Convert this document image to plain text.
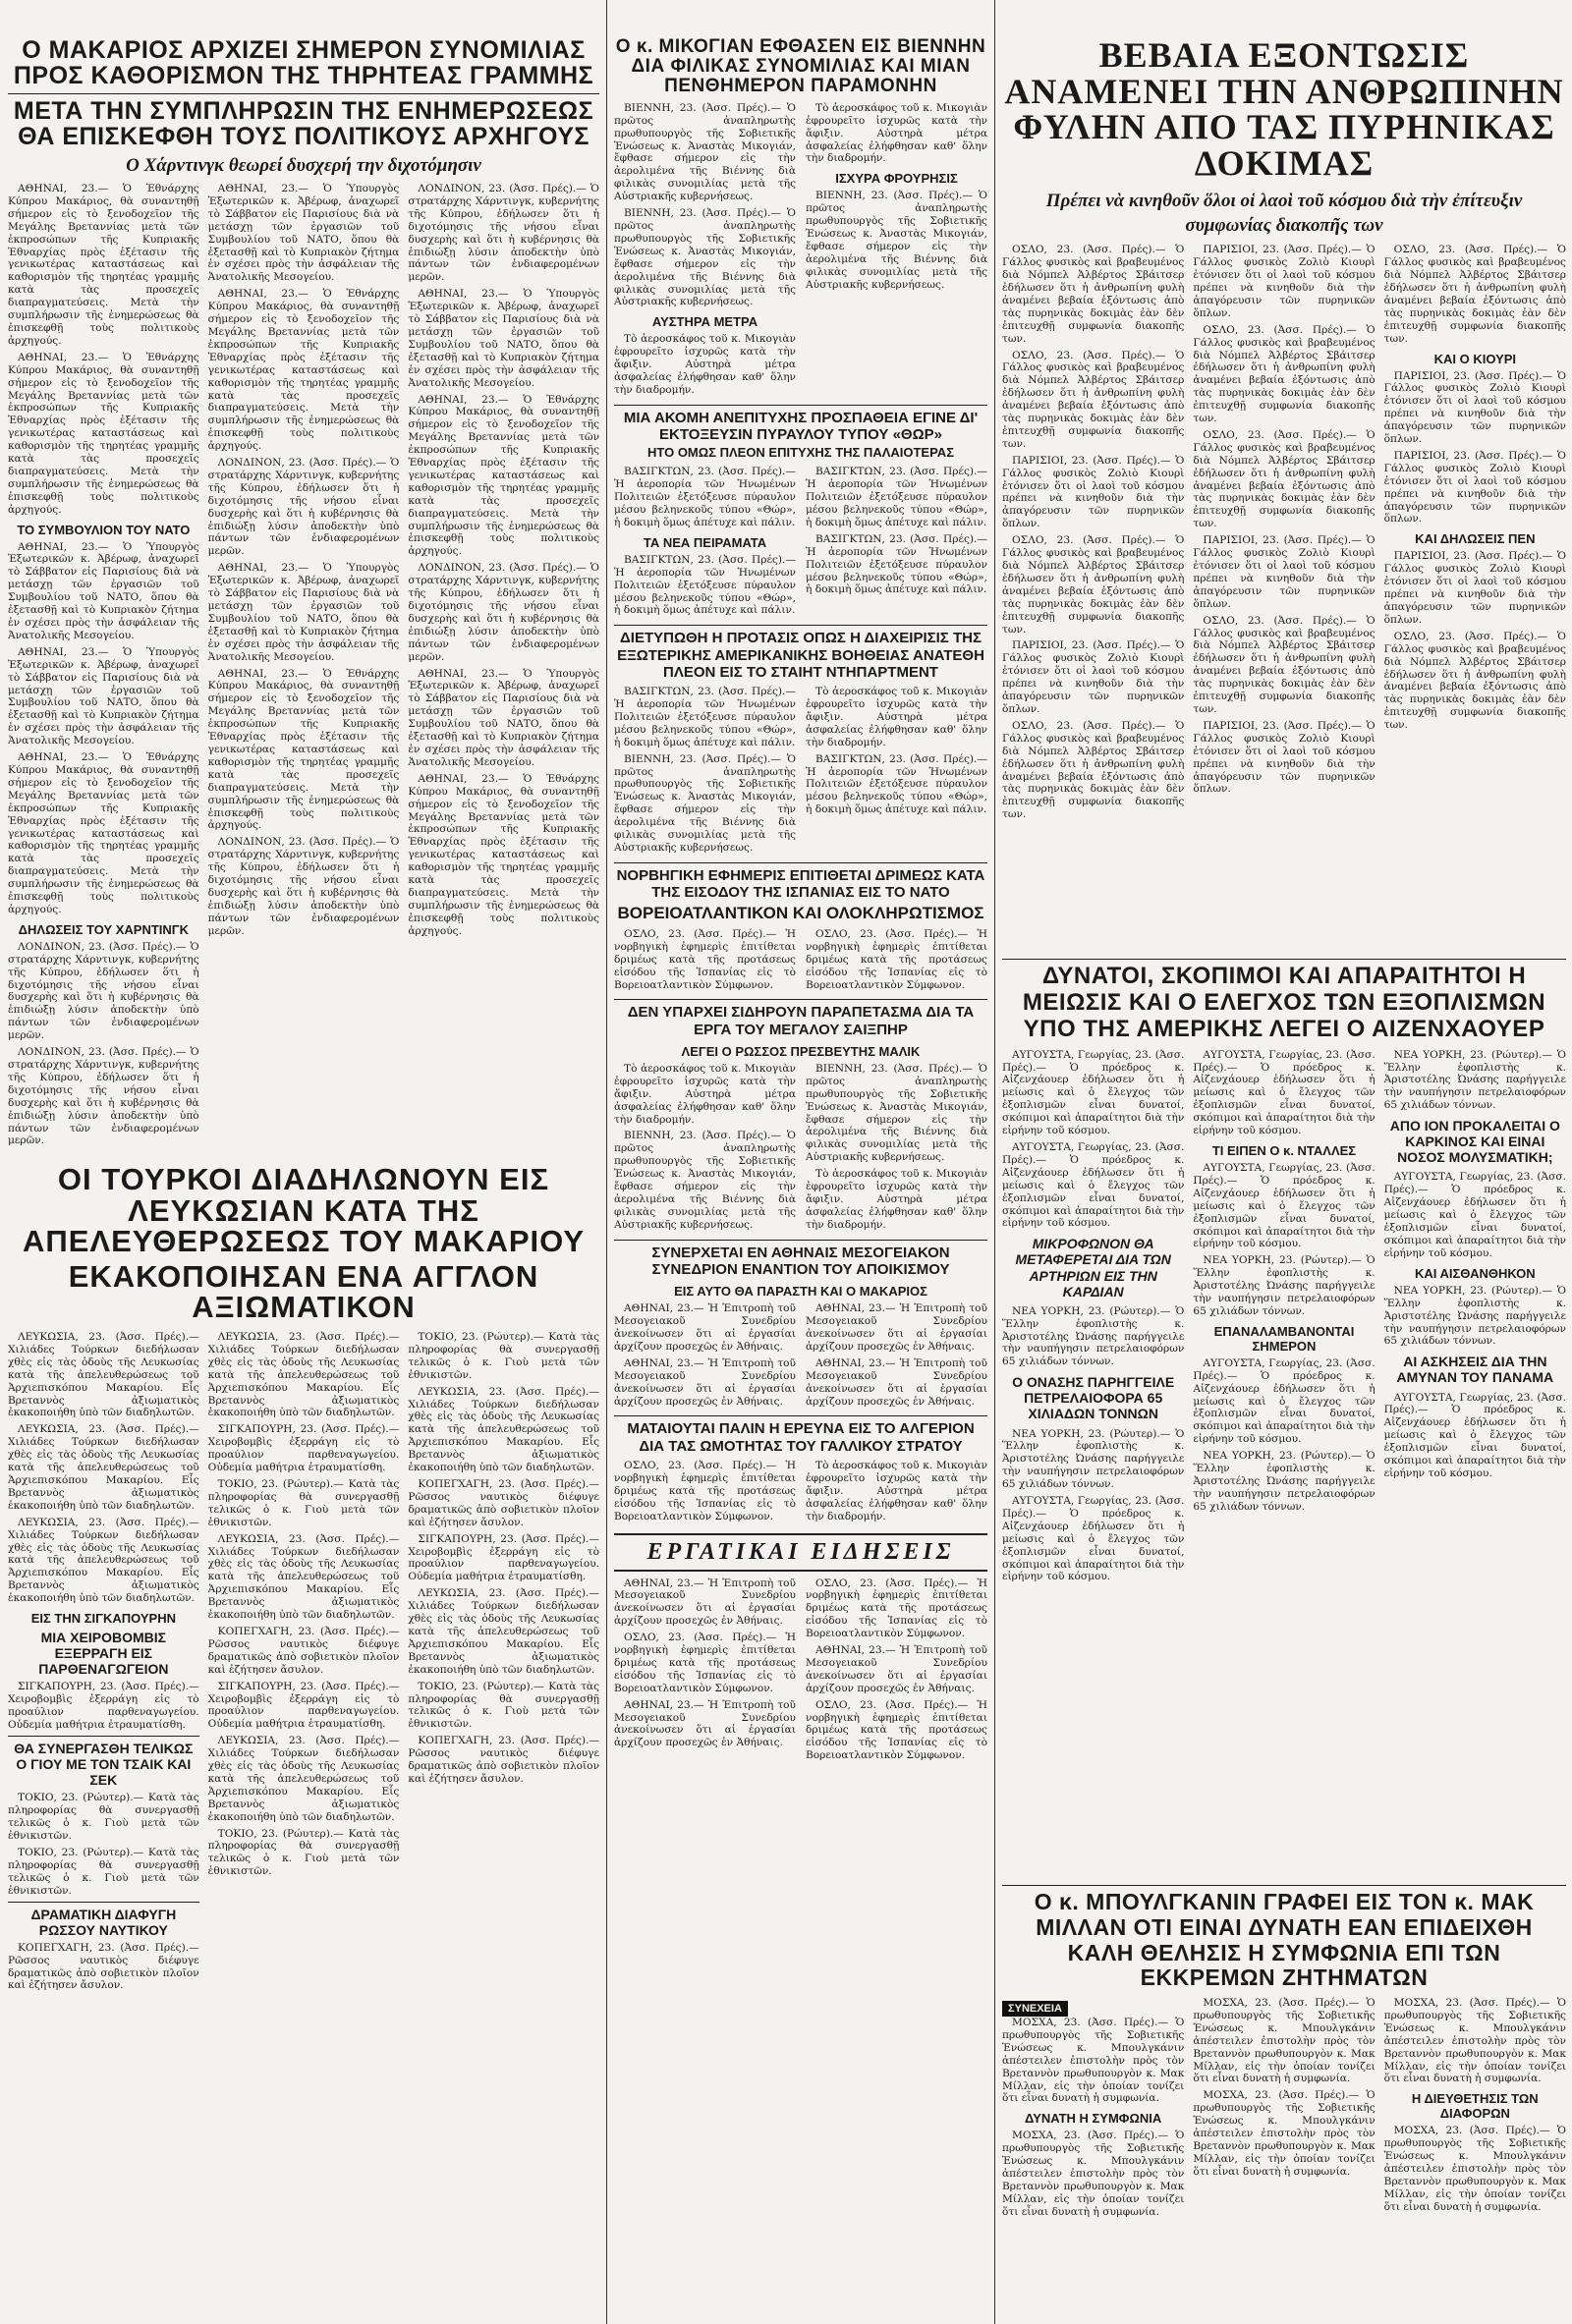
Ο ΜΑΚΑΡΙΟΣ ΑΡΧΙΖΕΙ ΣΗΜΕΡΟΝ ΣΥΝΟΜΙΛΙΑΣ ΠΡΟΣ ΚΑΘΟΡΙΣΜΟΝ ΤΗΣ ΤΗΡΗΤΕΑΣ ΓΡΑΜΜΗΣ
ΜΕΤΑ ΤΗΝ ΣΥΜΠΛΗΡΩΣΙΝ ΤΗΣ ΕΝΗΜΕΡΩΣΕΩΣ ΘΑ ΕΠΙΣΚΕΦΘΗ ΤΟΥΣ ΠΟΛΙΤΙΚΟΥΣ ΑΡΧΗΓΟΥΣ
Ο Χάρντινγκ θεωρεί δυσχερή την διχοτόμησιν

ΑΘΗΝΑΙ, 23.— Ὁ Ἐθνάρχης Κύπρου Μακάριος, θὰ συναντηθῇ σήμερον εἰς τὸ ξενοδοχεῖον τῆς Μεγάλης Βρεταννίας μετὰ τῶν ἐκπροσώπων τῆς Κυπριακῆς Ἐθναρχίας πρὸς ἐξέτασιν τῆς γενικωτέρας καταστάσεως καὶ καθορισμὸν τῆς τηρητέας γραμμῆς κατὰ τὰς προσεχεῖς διαπραγματεύσεις. Μετὰ τὴν συμπλήρωσιν τῆς ἐνημερώσεως θὰ ἐπισκεφθῇ τοὺς πολιτικοὺς ἀρχηγούς.

ΑΘΗΝΑΙ, 23.— Ὁ Ἐθνάρχης Κύπρου Μακάριος, θὰ συναντηθῇ σήμερον εἰς τὸ ξενοδοχεῖον τῆς Μεγάλης Βρεταννίας μετὰ τῶν ἐκπροσώπων τῆς Κυπριακῆς Ἐθναρχίας πρὸς ἐξέτασιν τῆς γενικωτέρας καταστάσεως καὶ καθορισμὸν τῆς τηρητέας γραμμῆς κατὰ τὰς προσεχεῖς διαπραγματεύσεις. Μετὰ τὴν συμπλήρωσιν τῆς ἐνημερώσεως θὰ ἐπισκεφθῇ τοὺς πολιτικοὺς ἀρχηγούς.

ΤΟ ΣΥΜΒΟΥΛΙΟΝ ΤΟΥ ΝΑΤΟ

ΑΘΗΝΑΙ, 23.— Ὁ Ὑπουργὸς Ἐξωτερικῶν κ. Ἀβέρωφ, ἀναχωρεῖ τὸ Σάββατον εἰς Παρισίους διὰ νὰ μετάσχῃ τῶν ἐργασιῶν τοῦ Συμβουλίου τοῦ ΝΑΤΟ, ὅπου θὰ ἐξετασθῇ καὶ τὸ Κυπριακὸν ζήτημα ἐν σχέσει πρὸς τὴν ἀσφάλειαν τῆς Ἀνατολικῆς Μεσογείου.

ΑΘΗΝΑΙ, 23.— Ὁ Ὑπουργὸς Ἐξωτερικῶν κ. Ἀβέρωφ, ἀναχωρεῖ τὸ Σάββατον εἰς Παρισίους διὰ νὰ μετάσχῃ τῶν ἐργασιῶν τοῦ Συμβουλίου τοῦ ΝΑΤΟ, ὅπου θὰ ἐξετασθῇ καὶ τὸ Κυπριακὸν ζήτημα ἐν σχέσει πρὸς τὴν ἀσφάλειαν τῆς Ἀνατολικῆς Μεσογείου.

ΑΘΗΝΑΙ, 23.— Ὁ Ἐθνάρχης Κύπρου Μακάριος, θὰ συναντηθῇ σήμερον εἰς τὸ ξενοδοχεῖον τῆς Μεγάλης Βρεταννίας μετὰ τῶν ἐκπροσώπων τῆς Κυπριακῆς Ἐθναρχίας πρὸς ἐξέτασιν τῆς γενικωτέρας καταστάσεως καὶ καθορισμὸν τῆς τηρητέας γραμμῆς κατὰ τὰς προσεχεῖς διαπραγματεύσεις. Μετὰ τὴν συμπλήρωσιν τῆς ἐνημερώσεως θὰ ἐπισκεφθῇ τοὺς πολιτικοὺς ἀρχηγούς.

ΔΗΛΩΣΕΙΣ ΤΟΥ ΧΑΡΝΤΙΝΓΚ

ΛΟΝΔΙΝΟΝ, 23. (Ἀσσ. Πρές).— Ὁ στρατάρχης Χάρντινγκ, κυβερνήτης τῆς Κύπρου, ἐδήλωσεν ὅτι ἡ διχοτόμησις τῆς νήσου εἶναι δυσχερὴς καὶ ὅτι ἡ κυβέρνησις θὰ ἐπιδιώξῃ λύσιν ἀποδεκτὴν ὑπὸ πάντων τῶν ἐνδιαφερομένων μερῶν.

ΛΟΝΔΙΝΟΝ, 23. (Ἀσσ. Πρές).— Ὁ στρατάρχης Χάρντινγκ, κυβερνήτης τῆς Κύπρου, ἐδήλωσεν ὅτι ἡ διχοτόμησις τῆς νήσου εἶναι δυσχερὴς καὶ ὅτι ἡ κυβέρνησις θὰ ἐπιδιώξῃ λύσιν ἀποδεκτὴν ὑπὸ πάντων τῶν ἐνδιαφερομένων μερῶν.

ΑΘΗΝΑΙ, 23.— Ὁ Ὑπουργὸς Ἐξωτερικῶν κ. Ἀβέρωφ, ἀναχωρεῖ τὸ Σάββατον εἰς Παρισίους διὰ νὰ μετάσχῃ τῶν ἐργασιῶν τοῦ Συμβουλίου τοῦ ΝΑΤΟ, ὅπου θὰ ἐξετασθῇ καὶ τὸ Κυπριακὸν ζήτημα ἐν σχέσει πρὸς τὴν ἀσφάλειαν τῆς Ἀνατολικῆς Μεσογείου.

ΑΘΗΝΑΙ, 23.— Ὁ Ἐθνάρχης Κύπρου Μακάριος, θὰ συναντηθῇ σήμερον εἰς τὸ ξενοδοχεῖον τῆς Μεγάλης Βρεταννίας μετὰ τῶν ἐκπροσώπων τῆς Κυπριακῆς Ἐθναρχίας πρὸς ἐξέτασιν τῆς γενικωτέρας καταστάσεως καὶ καθορισμὸν τῆς τηρητέας γραμμῆς κατὰ τὰς προσεχεῖς διαπραγματεύσεις. Μετὰ τὴν συμπλήρωσιν τῆς ἐνημερώσεως θὰ ἐπισκεφθῇ τοὺς πολιτικοὺς ἀρχηγούς.

ΛΟΝΔΙΝΟΝ, 23. (Ἀσσ. Πρές).— Ὁ στρατάρχης Χάρντινγκ, κυβερνήτης τῆς Κύπρου, ἐδήλωσεν ὅτι ἡ διχοτόμησις τῆς νήσου εἶναι δυσχερὴς καὶ ὅτι ἡ κυβέρνησις θὰ ἐπιδιώξῃ λύσιν ἀποδεκτὴν ὑπὸ πάντων τῶν ἐνδιαφερομένων μερῶν.

ΑΘΗΝΑΙ, 23.— Ὁ Ὑπουργὸς Ἐξωτερικῶν κ. Ἀβέρωφ, ἀναχωρεῖ τὸ Σάββατον εἰς Παρισίους διὰ νὰ μετάσχῃ τῶν ἐργασιῶν τοῦ Συμβουλίου τοῦ ΝΑΤΟ, ὅπου θὰ ἐξετασθῇ καὶ τὸ Κυπριακὸν ζήτημα ἐν σχέσει πρὸς τὴν ἀσφάλειαν τῆς Ἀνατολικῆς Μεσογείου.

ΑΘΗΝΑΙ, 23.— Ὁ Ἐθνάρχης Κύπρου Μακάριος, θὰ συναντηθῇ σήμερον εἰς τὸ ξενοδοχεῖον τῆς Μεγάλης Βρεταννίας μετὰ τῶν ἐκπροσώπων τῆς Κυπριακῆς Ἐθναρχίας πρὸς ἐξέτασιν τῆς γενικωτέρας καταστάσεως καὶ καθορισμὸν τῆς τηρητέας γραμμῆς κατὰ τὰς προσεχεῖς διαπραγματεύσεις. Μετὰ τὴν συμπλήρωσιν τῆς ἐνημερώσεως θὰ ἐπισκεφθῇ τοὺς πολιτικοὺς ἀρχηγούς.

ΛΟΝΔΙΝΟΝ, 23. (Ἀσσ. Πρές).— Ὁ στρατάρχης Χάρντινγκ, κυβερνήτης τῆς Κύπρου, ἐδήλωσεν ὅτι ἡ διχοτόμησις τῆς νήσου εἶναι δυσχερὴς καὶ ὅτι ἡ κυβέρνησις θὰ ἐπιδιώξῃ λύσιν ἀποδεκτὴν ὑπὸ πάντων τῶν ἐνδιαφερομένων μερῶν.

ΛΟΝΔΙΝΟΝ, 23. (Ἀσσ. Πρές).— Ὁ στρατάρχης Χάρντινγκ, κυβερνήτης τῆς Κύπρου, ἐδήλωσεν ὅτι ἡ διχοτόμησις τῆς νήσου εἶναι δυσχερὴς καὶ ὅτι ἡ κυβέρνησις θὰ ἐπιδιώξῃ λύσιν ἀποδεκτὴν ὑπὸ πάντων τῶν ἐνδιαφερομένων μερῶν.

ΑΘΗΝΑΙ, 23.— Ὁ Ὑπουργὸς Ἐξωτερικῶν κ. Ἀβέρωφ, ἀναχωρεῖ τὸ Σάββατον εἰς Παρισίους διὰ νὰ μετάσχῃ τῶν ἐργασιῶν τοῦ Συμβουλίου τοῦ ΝΑΤΟ, ὅπου θὰ ἐξετασθῇ καὶ τὸ Κυπριακὸν ζήτημα ἐν σχέσει πρὸς τὴν ἀσφάλειαν τῆς Ἀνατολικῆς Μεσογείου.

ΑΘΗΝΑΙ, 23.— Ὁ Ἐθνάρχης Κύπρου Μακάριος, θὰ συναντηθῇ σήμερον εἰς τὸ ξενοδοχεῖον τῆς Μεγάλης Βρεταννίας μετὰ τῶν ἐκπροσώπων τῆς Κυπριακῆς Ἐθναρχίας πρὸς ἐξέτασιν τῆς γενικωτέρας καταστάσεως καὶ καθορισμὸν τῆς τηρητέας γραμμῆς κατὰ τὰς προσεχεῖς διαπραγματεύσεις. Μετὰ τὴν συμπλήρωσιν τῆς ἐνημερώσεως θὰ ἐπισκεφθῇ τοὺς πολιτικοὺς ἀρχηγούς.

ΛΟΝΔΙΝΟΝ, 23. (Ἀσσ. Πρές).— Ὁ στρατάρχης Χάρντινγκ, κυβερνήτης τῆς Κύπρου, ἐδήλωσεν ὅτι ἡ διχοτόμησις τῆς νήσου εἶναι δυσχερὴς καὶ ὅτι ἡ κυβέρνησις θὰ ἐπιδιώξῃ λύσιν ἀποδεκτὴν ὑπὸ πάντων τῶν ἐνδιαφερομένων μερῶν.

ΑΘΗΝΑΙ, 23.— Ὁ Ὑπουργὸς Ἐξωτερικῶν κ. Ἀβέρωφ, ἀναχωρεῖ τὸ Σάββατον εἰς Παρισίους διὰ νὰ μετάσχῃ τῶν ἐργασιῶν τοῦ Συμβουλίου τοῦ ΝΑΤΟ, ὅπου θὰ ἐξετασθῇ καὶ τὸ Κυπριακὸν ζήτημα ἐν σχέσει πρὸς τὴν ἀσφάλειαν τῆς Ἀνατολικῆς Μεσογείου.

ΑΘΗΝΑΙ, 23.— Ὁ Ἐθνάρχης Κύπρου Μακάριος, θὰ συναντηθῇ σήμερον εἰς τὸ ξενοδοχεῖον τῆς Μεγάλης Βρεταννίας μετὰ τῶν ἐκπροσώπων τῆς Κυπριακῆς Ἐθναρχίας πρὸς ἐξέτασιν τῆς γενικωτέρας καταστάσεως καὶ καθορισμὸν τῆς τηρητέας γραμμῆς κατὰ τὰς προσεχεῖς διαπραγματεύσεις. Μετὰ τὴν συμπλήρωσιν τῆς ἐνημερώσεως θὰ ἐπισκεφθῇ τοὺς πολιτικοὺς ἀρχηγούς.

ΟΙ ΤΟΥΡΚΟΙ ΔΙΑΔΗΛΩΝΟΥΝ ΕΙΣ ΛΕΥΚΩΣΙΑΝ ΚΑΤΑ ΤΗΣ ΑΠΕΛΕΥΘΕΡΩΣΕΩΣ ΤΟΥ ΜΑΚΑΡΙΟΥ
ΕΚΑΚΟΠΟΙΗΣΑΝ ΕΝΑ ΑΓΓΛΟΝ ΑΞΙΩΜΑΤΙΚΟΝ

ΛΕΥΚΩΣΙΑ, 23. (Ἀσσ. Πρές).— Χιλιάδες Τούρκων διεδήλωσαν χθὲς εἰς τὰς ὁδοὺς τῆς Λευκωσίας κατὰ τῆς ἀπελευθερώσεως τοῦ Ἀρχιεπισκόπου Μακαρίου. Εἷς Βρεταννὸς ἀξιωματικὸς ἐκακοποιήθη ὑπὸ τῶν διαδηλωτῶν.

ΛΕΥΚΩΣΙΑ, 23. (Ἀσσ. Πρές).— Χιλιάδες Τούρκων διεδήλωσαν χθὲς εἰς τὰς ὁδοὺς τῆς Λευκωσίας κατὰ τῆς ἀπελευθερώσεως τοῦ Ἀρχιεπισκόπου Μακαρίου. Εἷς Βρεταννὸς ἀξιωματικὸς ἐκακοποιήθη ὑπὸ τῶν διαδηλωτῶν.

ΛΕΥΚΩΣΙΑ, 23. (Ἀσσ. Πρές).— Χιλιάδες Τούρκων διεδήλωσαν χθὲς εἰς τὰς ὁδοὺς τῆς Λευκωσίας κατὰ τῆς ἀπελευθερώσεως τοῦ Ἀρχιεπισκόπου Μακαρίου. Εἷς Βρεταννὸς ἀξιωματικὸς ἐκακοποιήθη ὑπὸ τῶν διαδηλωτῶν.

ΕΙΣ ΤΗΝ ΣΙΓΚΑΠΟΥΡΗΝ
ΜΙΑ ΧΕΙΡΟΒΟΜΒΙΣ ΕΞΕΡΡΑΓΗ ΕΙΣ ΠΑΡΘΕΝΑΓΩΓΕΙΟΝ

ΣΙΓΚΑΠΟΥΡΗ, 23. (Ἀσσ. Πρές).— Χειροβομβὶς ἐξερράγη εἰς τὸ προαύλιον παρθεναγωγείου. Οὐδεμία μαθήτρια ἐτραυματίσθη.

ΘΑ ΣΥΝΕΡΓΑΣΘΗ ΤΕΛΙΚΩΣ Ο ΓΙΟΥ ΜΕ ΤΟΝ ΤΣΑΙΚ ΚΑΙ ΣΕΚ

ΤΟΚΙΟ, 23. (Ρώυτερ).— Κατὰ τὰς πληροφορίας θὰ συνεργασθῇ τελικῶς ὁ κ. Γιοὺ μετὰ τῶν ἐθνικιστῶν.

ΤΟΚΙΟ, 23. (Ρώυτερ).— Κατὰ τὰς πληροφορίας θὰ συνεργασθῇ τελικῶς ὁ κ. Γιοὺ μετὰ τῶν ἐθνικιστῶν.

ΔΡΑΜΑΤΙΚΗ ΔΙΑΦΥΓΗ ΡΩΣΣΟΥ ΝΑΥΤΙΚΟΥ

ΚΟΠΕΓΧΑΓΗ, 23. (Ἀσσ. Πρές).— Ρῶσσος ναυτικὸς διέφυγε δραματικῶς ἀπὸ σοβιετικὸν πλοῖον καὶ ἐζήτησεν ἄσυλον.

ΛΕΥΚΩΣΙΑ, 23. (Ἀσσ. Πρές).— Χιλιάδες Τούρκων διεδήλωσαν χθὲς εἰς τὰς ὁδοὺς τῆς Λευκωσίας κατὰ τῆς ἀπελευθερώσεως τοῦ Ἀρχιεπισκόπου Μακαρίου. Εἷς Βρεταννὸς ἀξιωματικὸς ἐκακοποιήθη ὑπὸ τῶν διαδηλωτῶν.

ΣΙΓΚΑΠΟΥΡΗ, 23. (Ἀσσ. Πρές).— Χειροβομβὶς ἐξερράγη εἰς τὸ προαύλιον παρθεναγωγείου. Οὐδεμία μαθήτρια ἐτραυματίσθη.

ΤΟΚΙΟ, 23. (Ρώυτερ).— Κατὰ τὰς πληροφορίας θὰ συνεργασθῇ τελικῶς ὁ κ. Γιοὺ μετὰ τῶν ἐθνικιστῶν.

ΛΕΥΚΩΣΙΑ, 23. (Ἀσσ. Πρές).— Χιλιάδες Τούρκων διεδήλωσαν χθὲς εἰς τὰς ὁδοὺς τῆς Λευκωσίας κατὰ τῆς ἀπελευθερώσεως τοῦ Ἀρχιεπισκόπου Μακαρίου. Εἷς Βρεταννὸς ἀξιωματικὸς ἐκακοποιήθη ὑπὸ τῶν διαδηλωτῶν.

ΚΟΠΕΓΧΑΓΗ, 23. (Ἀσσ. Πρές).— Ρῶσσος ναυτικὸς διέφυγε δραματικῶς ἀπὸ σοβιετικὸν πλοῖον καὶ ἐζήτησεν ἄσυλον.

ΣΙΓΚΑΠΟΥΡΗ, 23. (Ἀσσ. Πρές).— Χειροβομβὶς ἐξερράγη εἰς τὸ προαύλιον παρθεναγωγείου. Οὐδεμία μαθήτρια ἐτραυματίσθη.

ΛΕΥΚΩΣΙΑ, 23. (Ἀσσ. Πρές).— Χιλιάδες Τούρκων διεδήλωσαν χθὲς εἰς τὰς ὁδοὺς τῆς Λευκωσίας κατὰ τῆς ἀπελευθερώσεως τοῦ Ἀρχιεπισκόπου Μακαρίου. Εἷς Βρεταννὸς ἀξιωματικὸς ἐκακοποιήθη ὑπὸ τῶν διαδηλωτῶν.

ΤΟΚΙΟ, 23. (Ρώυτερ).— Κατὰ τὰς πληροφορίας θὰ συνεργασθῇ τελικῶς ὁ κ. Γιοὺ μετὰ τῶν ἐθνικιστῶν.

ΤΟΚΙΟ, 23. (Ρώυτερ).— Κατὰ τὰς πληροφορίας θὰ συνεργασθῇ τελικῶς ὁ κ. Γιοὺ μετὰ τῶν ἐθνικιστῶν.

ΛΕΥΚΩΣΙΑ, 23. (Ἀσσ. Πρές).— Χιλιάδες Τούρκων διεδήλωσαν χθὲς εἰς τὰς ὁδοὺς τῆς Λευκωσίας κατὰ τῆς ἀπελευθερώσεως τοῦ Ἀρχιεπισκόπου Μακαρίου. Εἷς Βρεταννὸς ἀξιωματικὸς ἐκακοποιήθη ὑπὸ τῶν διαδηλωτῶν.

ΚΟΠΕΓΧΑΓΗ, 23. (Ἀσσ. Πρές).— Ρῶσσος ναυτικὸς διέφυγε δραματικῶς ἀπὸ σοβιετικὸν πλοῖον καὶ ἐζήτησεν ἄσυλον.

ΣΙΓΚΑΠΟΥΡΗ, 23. (Ἀσσ. Πρές).— Χειροβομβὶς ἐξερράγη εἰς τὸ προαύλιον παρθεναγωγείου. Οὐδεμία μαθήτρια ἐτραυματίσθη.

ΛΕΥΚΩΣΙΑ, 23. (Ἀσσ. Πρές).— Χιλιάδες Τούρκων διεδήλωσαν χθὲς εἰς τὰς ὁδοὺς τῆς Λευκωσίας κατὰ τῆς ἀπελευθερώσεως τοῦ Ἀρχιεπισκόπου Μακαρίου. Εἷς Βρεταννὸς ἀξιωματικὸς ἐκακοποιήθη ὑπὸ τῶν διαδηλωτῶν.

ΤΟΚΙΟ, 23. (Ρώυτερ).— Κατὰ τὰς πληροφορίας θὰ συνεργασθῇ τελικῶς ὁ κ. Γιοὺ μετὰ τῶν ἐθνικιστῶν.

ΚΟΠΕΓΧΑΓΗ, 23. (Ἀσσ. Πρές).— Ρῶσσος ναυτικὸς διέφυγε δραματικῶς ἀπὸ σοβιετικὸν πλοῖον καὶ ἐζήτησεν ἄσυλον.

Ο κ. ΜΙΚΟΓΙΑΝ ΕΦΘΑΣΕΝ ΕΙΣ ΒΙΕΝΝΗΝ ΔΙΑ ΦΙΛΙΚΑΣ ΣΥΝΟΜΙΛΙΑΣ ΚΑΙ ΜΙΑΝ ΠΕΝΘΗΜΕΡΟΝ ΠΑΡΑΜΟΝΗΝ

ΒΙΕΝΝΗ, 23. (Ἀσσ. Πρές).— Ὁ πρῶτος ἀναπληρωτὴς πρωθυπουργὸς τῆς Σοβιετικῆς Ἑνώσεως κ. Ἀναστὰς Μικογιάν, ἔφθασε σήμερον εἰς τὴν ἀερολιμένα τῆς Βιέννης διὰ φιλικὰς συνομιλίας μετὰ τῆς Αὐστριακῆς κυβερνήσεως.

ΒΙΕΝΝΗ, 23. (Ἀσσ. Πρές).— Ὁ πρῶτος ἀναπληρωτὴς πρωθυπουργὸς τῆς Σοβιετικῆς Ἑνώσεως κ. Ἀναστὰς Μικογιάν, ἔφθασε σήμερον εἰς τὴν ἀερολιμένα τῆς Βιέννης διὰ φιλικὰς συνομιλίας μετὰ τῆς Αὐστριακῆς κυβερνήσεως.

ΑΥΣΤΗΡΑ ΜΕΤΡΑ

Τὸ ἀεροσκάφος τοῦ κ. Μικογιὰν ἐφρουρεῖτο ἰσχυρῶς κατὰ τὴν ἄφιξιν. Αὐστηρὰ μέτρα ἀσφαλείας ἐλήφθησαν καθ' ὅλην τὴν διαδρομήν.

Τὸ ἀεροσκάφος τοῦ κ. Μικογιὰν ἐφρουρεῖτο ἰσχυρῶς κατὰ τὴν ἄφιξιν. Αὐστηρὰ μέτρα ἀσφαλείας ἐλήφθησαν καθ' ὅλην τὴν διαδρομήν.

ΙΣΧΥΡΑ ΦΡΟΥΡΗΣΙΣ

ΒΙΕΝΝΗ, 23. (Ἀσσ. Πρές).— Ὁ πρῶτος ἀναπληρωτὴς πρωθυπουργὸς τῆς Σοβιετικῆς Ἑνώσεως κ. Ἀναστὰς Μικογιάν, ἔφθασε σήμερον εἰς τὴν ἀερολιμένα τῆς Βιέννης διὰ φιλικὰς συνομιλίας μετὰ τῆς Αὐστριακῆς κυβερνήσεως.

ΜΙΑ ΑΚΟΜΗ ΑΝΕΠΙΤΥΧΗΣ ΠΡΟΣΠΑΘΕΙΑ ΕΓΙΝΕ ΔΙ' ΕΚΤΟΞΕΥΣΙΝ ΠΥΡΑΥΛΟΥ ΤΥΠΟΥ «ΘΩΡ»
ΗΤΟ ΟΜΩΣ ΠΛΕΟΝ ΕΠΙΤΥΧΗΣ ΤΗΣ ΠΑΛΑΙΟΤΕΡΑΣ

ΒΑΣΙΓΚΤΩΝ, 23. (Ἀσσ. Πρές).— Ἡ ἀεροπορία τῶν Ἡνωμένων Πολιτειῶν ἐξετόξευσε πύραυλον μέσου βεληνεκοῦς τύπου «Θώρ», ἡ δοκιμὴ ὅμως ἀπέτυχε καὶ πάλιν.

ΤΑ ΝΕΑ ΠΕΙΡΑΜΑΤΑ

ΒΑΣΙΓΚΤΩΝ, 23. (Ἀσσ. Πρές).— Ἡ ἀεροπορία τῶν Ἡνωμένων Πολιτειῶν ἐξετόξευσε πύραυλον μέσου βεληνεκοῦς τύπου «Θώρ», ἡ δοκιμὴ ὅμως ἀπέτυχε καὶ πάλιν.

ΒΑΣΙΓΚΤΩΝ, 23. (Ἀσσ. Πρές).— Ἡ ἀεροπορία τῶν Ἡνωμένων Πολιτειῶν ἐξετόξευσε πύραυλον μέσου βεληνεκοῦς τύπου «Θώρ», ἡ δοκιμὴ ὅμως ἀπέτυχε καὶ πάλιν.

ΒΑΣΙΓΚΤΩΝ, 23. (Ἀσσ. Πρές).— Ἡ ἀεροπορία τῶν Ἡνωμένων Πολιτειῶν ἐξετόξευσε πύραυλον μέσου βεληνεκοῦς τύπου «Θώρ», ἡ δοκιμὴ ὅμως ἀπέτυχε καὶ πάλιν.

ΔΙΕΤΥΠΩΘΗ Η ΠΡΟΤΑΣΙΣ ΟΠΩΣ Η ΔΙΑΧΕΙΡΙΣΙΣ ΤΗΣ ΕΞΩΤΕΡΙΚΗΣ ΑΜΕΡΙΚΑΝΙΚΗΣ ΒΟΗΘΕΙΑΣ ΑΝΑΤΕΘΗ ΠΛΕΟΝ ΕΙΣ ΤΟ ΣΤΑΙΗΤ ΝΤΗΠΑΡΤΜΕΝΤ

ΒΑΣΙΓΚΤΩΝ, 23. (Ἀσσ. Πρές).— Ἡ ἀεροπορία τῶν Ἡνωμένων Πολιτειῶν ἐξετόξευσε πύραυλον μέσου βεληνεκοῦς τύπου «Θώρ», ἡ δοκιμὴ ὅμως ἀπέτυχε καὶ πάλιν.

ΒΙΕΝΝΗ, 23. (Ἀσσ. Πρές).— Ὁ πρῶτος ἀναπληρωτὴς πρωθυπουργὸς τῆς Σοβιετικῆς Ἑνώσεως κ. Ἀναστὰς Μικογιάν, ἔφθασε σήμερον εἰς τὴν ἀερολιμένα τῆς Βιέννης διὰ φιλικὰς συνομιλίας μετὰ τῆς Αὐστριακῆς κυβερνήσεως.

Τὸ ἀεροσκάφος τοῦ κ. Μικογιὰν ἐφρουρεῖτο ἰσχυρῶς κατὰ τὴν ἄφιξιν. Αὐστηρὰ μέτρα ἀσφαλείας ἐλήφθησαν καθ' ὅλην τὴν διαδρομήν.

ΒΑΣΙΓΚΤΩΝ, 23. (Ἀσσ. Πρές).— Ἡ ἀεροπορία τῶν Ἡνωμένων Πολιτειῶν ἐξετόξευσε πύραυλον μέσου βεληνεκοῦς τύπου «Θώρ», ἡ δοκιμὴ ὅμως ἀπέτυχε καὶ πάλιν.

ΝΟΡΒΗΓΙΚΗ ΕΦΗΜΕΡΙΣ ΕΠΙΤΙΘΕΤΑΙ ΔΡΙΜΕΩΣ ΚΑΤΑ ΤΗΣ ΕΙΣΟΔΟΥ ΤΗΣ ΙΣΠΑΝΙΑΣ ΕΙΣ ΤΟ ΝΑΤΟ
ΒΟΡΕΙΟΑΤΛΑΝΤΙΚΟΝ ΚΑΙ ΟΛΟΚΛΗΡΩΤΙΣΜΟΣ

ΟΣΛΟ, 23. (Ἀσσ. Πρές).— Ἡ νορβηγικὴ ἐφημερὶς ἐπιτίθεται δριμέως κατὰ τῆς προτάσεως εἰσόδου τῆς Ἱσπανίας εἰς τὸ Βορειοατλαντικὸν Σύμφωνον.

ΟΣΛΟ, 23. (Ἀσσ. Πρές).— Ἡ νορβηγικὴ ἐφημερὶς ἐπιτίθεται δριμέως κατὰ τῆς προτάσεως εἰσόδου τῆς Ἱσπανίας εἰς τὸ Βορειοατλαντικὸν Σύμφωνον.

ΔΕΝ ΥΠΑΡΧΕΙ ΣΙΔΗΡΟΥΝ ΠΑΡΑΠΕΤΑΣΜΑ ΔΙΑ ΤΑ ΕΡΓΑ ΤΟΥ ΜΕΓΑΛΟΥ ΣΑΙΞΠΗΡ
ΛΕΓΕΙ Ο ΡΩΣΣΟΣ ΠΡΕΣΒΕΥΤΗΣ ΜΑΛΙΚ

Τὸ ἀεροσκάφος τοῦ κ. Μικογιὰν ἐφρουρεῖτο ἰσχυρῶς κατὰ τὴν ἄφιξιν. Αὐστηρὰ μέτρα ἀσφαλείας ἐλήφθησαν καθ' ὅλην τὴν διαδρομήν.

ΒΙΕΝΝΗ, 23. (Ἀσσ. Πρές).— Ὁ πρῶτος ἀναπληρωτὴς πρωθυπουργὸς τῆς Σοβιετικῆς Ἑνώσεως κ. Ἀναστὰς Μικογιάν, ἔφθασε σήμερον εἰς τὴν ἀερολιμένα τῆς Βιέννης διὰ φιλικὰς συνομιλίας μετὰ τῆς Αὐστριακῆς κυβερνήσεως.

ΒΙΕΝΝΗ, 23. (Ἀσσ. Πρές).— Ὁ πρῶτος ἀναπληρωτὴς πρωθυπουργὸς τῆς Σοβιετικῆς Ἑνώσεως κ. Ἀναστὰς Μικογιάν, ἔφθασε σήμερον εἰς τὴν ἀερολιμένα τῆς Βιέννης διὰ φιλικὰς συνομιλίας μετὰ τῆς Αὐστριακῆς κυβερνήσεως.

Τὸ ἀεροσκάφος τοῦ κ. Μικογιὰν ἐφρουρεῖτο ἰσχυρῶς κατὰ τὴν ἄφιξιν. Αὐστηρὰ μέτρα ἀσφαλείας ἐλήφθησαν καθ' ὅλην τὴν διαδρομήν.

ΣΥΝΕΡΧΕΤΑΙ ΕΝ ΑΘΗΝΑΙΣ ΜΕΣΟΓΕΙΑΚΟΝ ΣΥΝΕΔΡΙΟΝ ΕΝΑΝΤΙΟΝ ΤΟΥ ΑΠΟΙΚΙΣΜΟΥ
ΕΙΣ ΑΥΤΟ ΘΑ ΠΑΡΑΣΤΗ ΚΑΙ Ο ΜΑΚΑΡΙΟΣ

ΑΘΗΝΑΙ, 23.— Ἡ Ἐπιτροπὴ τοῦ Μεσογειακοῦ Συνεδρίου ἀνεκοίνωσεν ὅτι αἱ ἐργασίαι ἀρχίζουν προσεχῶς ἐν Ἀθήναις.

ΑΘΗΝΑΙ, 23.— Ἡ Ἐπιτροπὴ τοῦ Μεσογειακοῦ Συνεδρίου ἀνεκοίνωσεν ὅτι αἱ ἐργασίαι ἀρχίζουν προσεχῶς ἐν Ἀθήναις.

ΑΘΗΝΑΙ, 23.— Ἡ Ἐπιτροπὴ τοῦ Μεσογειακοῦ Συνεδρίου ἀνεκοίνωσεν ὅτι αἱ ἐργασίαι ἀρχίζουν προσεχῶς ἐν Ἀθήναις.

ΑΘΗΝΑΙ, 23.— Ἡ Ἐπιτροπὴ τοῦ Μεσογειακοῦ Συνεδρίου ἀνεκοίνωσεν ὅτι αἱ ἐργασίαι ἀρχίζουν προσεχῶς ἐν Ἀθήναις.

ΜΑΤΑΙΟΥΤΑΙ ΠΑΛΙΝ Η ΕΡΕΥΝΑ ΕΙΣ ΤΟ ΑΛΓΕΡΙΟΝ ΔΙΑ ΤΑΣ ΩΜΟΤΗΤΑΣ ΤΟΥ ΓΑΛΛΙΚΟΥ ΣΤΡΑΤΟΥ

ΟΣΛΟ, 23. (Ἀσσ. Πρές).— Ἡ νορβηγικὴ ἐφημερὶς ἐπιτίθεται δριμέως κατὰ τῆς προτάσεως εἰσόδου τῆς Ἱσπανίας εἰς τὸ Βορειοατλαντικὸν Σύμφωνον.

Τὸ ἀεροσκάφος τοῦ κ. Μικογιὰν ἐφρουρεῖτο ἰσχυρῶς κατὰ τὴν ἄφιξιν. Αὐστηρὰ μέτρα ἀσφαλείας ἐλήφθησαν καθ' ὅλην τὴν διαδρομήν.

ΕΡΓΑΤΙΚΑΙ ΕΙΔΗΣΕΙΣ

ΑΘΗΝΑΙ, 23.— Ἡ Ἐπιτροπὴ τοῦ Μεσογειακοῦ Συνεδρίου ἀνεκοίνωσεν ὅτι αἱ ἐργασίαι ἀρχίζουν προσεχῶς ἐν Ἀθήναις.

ΟΣΛΟ, 23. (Ἀσσ. Πρές).— Ἡ νορβηγικὴ ἐφημερὶς ἐπιτίθεται δριμέως κατὰ τῆς προτάσεως εἰσόδου τῆς Ἱσπανίας εἰς τὸ Βορειοατλαντικὸν Σύμφωνον.

ΑΘΗΝΑΙ, 23.— Ἡ Ἐπιτροπὴ τοῦ Μεσογειακοῦ Συνεδρίου ἀνεκοίνωσεν ὅτι αἱ ἐργασίαι ἀρχίζουν προσεχῶς ἐν Ἀθήναις.

ΟΣΛΟ, 23. (Ἀσσ. Πρές).— Ἡ νορβηγικὴ ἐφημερὶς ἐπιτίθεται δριμέως κατὰ τῆς προτάσεως εἰσόδου τῆς Ἱσπανίας εἰς τὸ Βορειοατλαντικὸν Σύμφωνον.

ΑΘΗΝΑΙ, 23.— Ἡ Ἐπιτροπὴ τοῦ Μεσογειακοῦ Συνεδρίου ἀνεκοίνωσεν ὅτι αἱ ἐργασίαι ἀρχίζουν προσεχῶς ἐν Ἀθήναις.

ΟΣΛΟ, 23. (Ἀσσ. Πρές).— Ἡ νορβηγικὴ ἐφημερὶς ἐπιτίθεται δριμέως κατὰ τῆς προτάσεως εἰσόδου τῆς Ἱσπανίας εἰς τὸ Βορειοατλαντικὸν Σύμφωνον.

ΒΕΒΑΙΑ ΕΞΟΝΤΩΣΙΣ ΑΝΑΜΕΝΕΙ ΤΗΝ ΑΝΘΡΩΠΙΝΗΝ ΦΥΛΗΝ ΑΠΟ ΤΑΣ ΠΥΡΗΝΙΚΑΣ ΔΟΚΙΜΑΣ
Πρέπει νὰ κινηθοῦν ὅλοι οἱ λαοὶ τοῦ κόσμου διὰ τὴν ἐπίτευξιν συμφωνίας διακοπῆς των

ΟΣΛΟ, 23. (Ἀσσ. Πρές).— Ὁ Γάλλος φυσικὸς καὶ βραβευμένος διὰ Νόμπελ Ἀλβέρτος Σβάιτσερ ἐδήλωσεν ὅτι ἡ ἀνθρωπίνη φυλὴ ἀναμένει βεβαία ἐξόντωσις ἀπὸ τὰς πυρηνικὰς δοκιμὰς ἐὰν δὲν ἐπιτευχθῇ συμφωνία διακοπῆς των.

ΟΣΛΟ, 23. (Ἀσσ. Πρές).— Ὁ Γάλλος φυσικὸς καὶ βραβευμένος διὰ Νόμπελ Ἀλβέρτος Σβάιτσερ ἐδήλωσεν ὅτι ἡ ἀνθρωπίνη φυλὴ ἀναμένει βεβαία ἐξόντωσις ἀπὸ τὰς πυρηνικὰς δοκιμὰς ἐὰν δὲν ἐπιτευχθῇ συμφωνία διακοπῆς των.

ΠΑΡΙΣΙΟΙ, 23. (Ἀσσ. Πρές).— Ὁ Γάλλος φυσικὸς Ζολιὸ Κιουρὶ ἐτόνισεν ὅτι οἱ λαοὶ τοῦ κόσμου πρέπει νὰ κινηθοῦν διὰ τὴν ἀπαγόρευσιν τῶν πυρηνικῶν ὅπλων.

ΟΣΛΟ, 23. (Ἀσσ. Πρές).— Ὁ Γάλλος φυσικὸς καὶ βραβευμένος διὰ Νόμπελ Ἀλβέρτος Σβάιτσερ ἐδήλωσεν ὅτι ἡ ἀνθρωπίνη φυλὴ ἀναμένει βεβαία ἐξόντωσις ἀπὸ τὰς πυρηνικὰς δοκιμὰς ἐὰν δὲν ἐπιτευχθῇ συμφωνία διακοπῆς των.

ΠΑΡΙΣΙΟΙ, 23. (Ἀσσ. Πρές).— Ὁ Γάλλος φυσικὸς Ζολιὸ Κιουρὶ ἐτόνισεν ὅτι οἱ λαοὶ τοῦ κόσμου πρέπει νὰ κινηθοῦν διὰ τὴν ἀπαγόρευσιν τῶν πυρηνικῶν ὅπλων.

ΟΣΛΟ, 23. (Ἀσσ. Πρές).— Ὁ Γάλλος φυσικὸς καὶ βραβευμένος διὰ Νόμπελ Ἀλβέρτος Σβάιτσερ ἐδήλωσεν ὅτι ἡ ἀνθρωπίνη φυλὴ ἀναμένει βεβαία ἐξόντωσις ἀπὸ τὰς πυρηνικὰς δοκιμὰς ἐὰν δὲν ἐπιτευχθῇ συμφωνία διακοπῆς των.

ΠΑΡΙΣΙΟΙ, 23. (Ἀσσ. Πρές).— Ὁ Γάλλος φυσικὸς Ζολιὸ Κιουρὶ ἐτόνισεν ὅτι οἱ λαοὶ τοῦ κόσμου πρέπει νὰ κινηθοῦν διὰ τὴν ἀπαγόρευσιν τῶν πυρηνικῶν ὅπλων.

ΟΣΛΟ, 23. (Ἀσσ. Πρές).— Ὁ Γάλλος φυσικὸς καὶ βραβευμένος διὰ Νόμπελ Ἀλβέρτος Σβάιτσερ ἐδήλωσεν ὅτι ἡ ἀνθρωπίνη φυλὴ ἀναμένει βεβαία ἐξόντωσις ἀπὸ τὰς πυρηνικὰς δοκιμὰς ἐὰν δὲν ἐπιτευχθῇ συμφωνία διακοπῆς των.

ΟΣΛΟ, 23. (Ἀσσ. Πρές).— Ὁ Γάλλος φυσικὸς καὶ βραβευμένος διὰ Νόμπελ Ἀλβέρτος Σβάιτσερ ἐδήλωσεν ὅτι ἡ ἀνθρωπίνη φυλὴ ἀναμένει βεβαία ἐξόντωσις ἀπὸ τὰς πυρηνικὰς δοκιμὰς ἐὰν δὲν ἐπιτευχθῇ συμφωνία διακοπῆς των.

ΠΑΡΙΣΙΟΙ, 23. (Ἀσσ. Πρές).— Ὁ Γάλλος φυσικὸς Ζολιὸ Κιουρὶ ἐτόνισεν ὅτι οἱ λαοὶ τοῦ κόσμου πρέπει νὰ κινηθοῦν διὰ τὴν ἀπαγόρευσιν τῶν πυρηνικῶν ὅπλων.

ΟΣΛΟ, 23. (Ἀσσ. Πρές).— Ὁ Γάλλος φυσικὸς καὶ βραβευμένος διὰ Νόμπελ Ἀλβέρτος Σβάιτσερ ἐδήλωσεν ὅτι ἡ ἀνθρωπίνη φυλὴ ἀναμένει βεβαία ἐξόντωσις ἀπὸ τὰς πυρηνικὰς δοκιμὰς ἐὰν δὲν ἐπιτευχθῇ συμφωνία διακοπῆς των.

ΠΑΡΙΣΙΟΙ, 23. (Ἀσσ. Πρές).— Ὁ Γάλλος φυσικὸς Ζολιὸ Κιουρὶ ἐτόνισεν ὅτι οἱ λαοὶ τοῦ κόσμου πρέπει νὰ κινηθοῦν διὰ τὴν ἀπαγόρευσιν τῶν πυρηνικῶν ὅπλων.

ΟΣΛΟ, 23. (Ἀσσ. Πρές).— Ὁ Γάλλος φυσικὸς καὶ βραβευμένος διὰ Νόμπελ Ἀλβέρτος Σβάιτσερ ἐδήλωσεν ὅτι ἡ ἀνθρωπίνη φυλὴ ἀναμένει βεβαία ἐξόντωσις ἀπὸ τὰς πυρηνικὰς δοκιμὰς ἐὰν δὲν ἐπιτευχθῇ συμφωνία διακοπῆς των.

ΚΑΙ Ο ΚΙΟΥΡΙ

ΠΑΡΙΣΙΟΙ, 23. (Ἀσσ. Πρές).— Ὁ Γάλλος φυσικὸς Ζολιὸ Κιουρὶ ἐτόνισεν ὅτι οἱ λαοὶ τοῦ κόσμου πρέπει νὰ κινηθοῦν διὰ τὴν ἀπαγόρευσιν τῶν πυρηνικῶν ὅπλων.

ΠΑΡΙΣΙΟΙ, 23. (Ἀσσ. Πρές).— Ὁ Γάλλος φυσικὸς Ζολιὸ Κιουρὶ ἐτόνισεν ὅτι οἱ λαοὶ τοῦ κόσμου πρέπει νὰ κινηθοῦν διὰ τὴν ἀπαγόρευσιν τῶν πυρηνικῶν ὅπλων.

ΚΑΙ ΔΗΛΩΣΕΙΣ ΠΕΝ

ΠΑΡΙΣΙΟΙ, 23. (Ἀσσ. Πρές).— Ὁ Γάλλος φυσικὸς Ζολιὸ Κιουρὶ ἐτόνισεν ὅτι οἱ λαοὶ τοῦ κόσμου πρέπει νὰ κινηθοῦν διὰ τὴν ἀπαγόρευσιν τῶν πυρηνικῶν ὅπλων.

ΟΣΛΟ, 23. (Ἀσσ. Πρές).— Ὁ Γάλλος φυσικὸς καὶ βραβευμένος διὰ Νόμπελ Ἀλβέρτος Σβάιτσερ ἐδήλωσεν ὅτι ἡ ἀνθρωπίνη φυλὴ ἀναμένει βεβαία ἐξόντωσις ἀπὸ τὰς πυρηνικὰς δοκιμὰς ἐὰν δὲν ἐπιτευχθῇ συμφωνία διακοπῆς των.

ΔΥΝΑΤΟΙ, ΣΚΟΠΙΜΟΙ ΚΑΙ ΑΠΑΡΑΙΤΗΤΟΙ Η ΜΕΙΩΣΙΣ ΚΑΙ Ο ΕΛΕΓΧΟΣ ΤΩΝ ΕΞΟΠΛΙΣΜΩΝ ΥΠΟ ΤΗΣ ΑΜΕΡΙΚΗΣ ΛΕΓΕΙ Ο ΑΙΖΕΝΧΑΟΥΕΡ

ΑΥΓΟΥΣΤΑ, Γεωργίας, 23. (Ἀσσ. Πρές).— Ὁ πρόεδρος κ. Αἰζενχάουερ ἐδήλωσεν ὅτι ἡ μείωσις καὶ ὁ ἔλεγχος τῶν ἐξοπλισμῶν εἶναι δυνατοί, σκόπιμοι καὶ ἀπαραίτητοι διὰ τὴν εἰρήνην τοῦ κόσμου.

ΑΥΓΟΥΣΤΑ, Γεωργίας, 23. (Ἀσσ. Πρές).— Ὁ πρόεδρος κ. Αἰζενχάουερ ἐδήλωσεν ὅτι ἡ μείωσις καὶ ὁ ἔλεγχος τῶν ἐξοπλισμῶν εἶναι δυνατοί, σκόπιμοι καὶ ἀπαραίτητοι διὰ τὴν εἰρήνην τοῦ κόσμου.

ΜΙΚΡΟΦΩΝΟΝ ΘΑ ΜΕΤΑΦΕΡΕΤΑΙ ΔΙΑ ΤΩΝ ΑΡΤΗΡΙΩΝ ΕΙΣ ΤΗΝ ΚΑΡΔΙΑΝ

ΝΕΑ ΥΟΡΚΗ, 23. (Ρώυτερ).— Ὁ Ἕλλην ἐφοπλιστὴς κ. Ἀριστοτέλης Ὠνάσης παρήγγειλε τὴν ναυπήγησιν πετρελαιοφόρων 65 χιλιάδων τόννων.

Ο ΟΝΑΣΗΣ ΠΑΡΗΓΓΕΙΛΕ ΠΕΤΡΕΛΑΙΟΦΟΡΑ 65 ΧΙΛΙΑΔΩΝ ΤΟΝΝΩΝ

ΝΕΑ ΥΟΡΚΗ, 23. (Ρώυτερ).— Ὁ Ἕλλην ἐφοπλιστὴς κ. Ἀριστοτέλης Ὠνάσης παρήγγειλε τὴν ναυπήγησιν πετρελαιοφόρων 65 χιλιάδων τόννων.

ΑΥΓΟΥΣΤΑ, Γεωργίας, 23. (Ἀσσ. Πρές).— Ὁ πρόεδρος κ. Αἰζενχάουερ ἐδήλωσεν ὅτι ἡ μείωσις καὶ ὁ ἔλεγχος τῶν ἐξοπλισμῶν εἶναι δυνατοί, σκόπιμοι καὶ ἀπαραίτητοι διὰ τὴν εἰρήνην τοῦ κόσμου.

ΑΥΓΟΥΣΤΑ, Γεωργίας, 23. (Ἀσσ. Πρές).— Ὁ πρόεδρος κ. Αἰζενχάουερ ἐδήλωσεν ὅτι ἡ μείωσις καὶ ὁ ἔλεγχος τῶν ἐξοπλισμῶν εἶναι δυνατοί, σκόπιμοι καὶ ἀπαραίτητοι διὰ τὴν εἰρήνην τοῦ κόσμου.

ΤΙ ΕΙΠΕΝ Ο κ. ΝΤΑΛΛΕΣ

ΑΥΓΟΥΣΤΑ, Γεωργίας, 23. (Ἀσσ. Πρές).— Ὁ πρόεδρος κ. Αἰζενχάουερ ἐδήλωσεν ὅτι ἡ μείωσις καὶ ὁ ἔλεγχος τῶν ἐξοπλισμῶν εἶναι δυνατοί, σκόπιμοι καὶ ἀπαραίτητοι διὰ τὴν εἰρήνην τοῦ κόσμου.

ΝΕΑ ΥΟΡΚΗ, 23. (Ρώυτερ).— Ὁ Ἕλλην ἐφοπλιστὴς κ. Ἀριστοτέλης Ὠνάσης παρήγγειλε τὴν ναυπήγησιν πετρελαιοφόρων 65 χιλιάδων τόννων.

ΕΠΑΝΑΛΑΜΒΑΝΟΝΤΑΙ ΣΗΜΕΡΟΝ

ΑΥΓΟΥΣΤΑ, Γεωργίας, 23. (Ἀσσ. Πρές).— Ὁ πρόεδρος κ. Αἰζενχάουερ ἐδήλωσεν ὅτι ἡ μείωσις καὶ ὁ ἔλεγχος τῶν ἐξοπλισμῶν εἶναι δυνατοί, σκόπιμοι καὶ ἀπαραίτητοι διὰ τὴν εἰρήνην τοῦ κόσμου.

ΝΕΑ ΥΟΡΚΗ, 23. (Ρώυτερ).— Ὁ Ἕλλην ἐφοπλιστὴς κ. Ἀριστοτέλης Ὠνάσης παρήγγειλε τὴν ναυπήγησιν πετρελαιοφόρων 65 χιλιάδων τόννων.

ΝΕΑ ΥΟΡΚΗ, 23. (Ρώυτερ).— Ὁ Ἕλλην ἐφοπλιστὴς κ. Ἀριστοτέλης Ὠνάσης παρήγγειλε τὴν ναυπήγησιν πετρελαιοφόρων 65 χιλιάδων τόννων.

ΑΠΟ ΙΟΝ ΠΡΟΚΑΛΕΙΤΑΙ Ο ΚΑΡΚΙΝΟΣ ΚΑΙ ΕΙΝΑΙ ΝΟΣΟΣ ΜΟΛΥΣΜΑΤΙΚΗ;

ΑΥΓΟΥΣΤΑ, Γεωργίας, 23. (Ἀσσ. Πρές).— Ὁ πρόεδρος κ. Αἰζενχάουερ ἐδήλωσεν ὅτι ἡ μείωσις καὶ ὁ ἔλεγχος τῶν ἐξοπλισμῶν εἶναι δυνατοί, σκόπιμοι καὶ ἀπαραίτητοι διὰ τὴν εἰρήνην τοῦ κόσμου.

ΚΑΙ ΑΙΣΘΑΝΘΗΚΟΝ

ΝΕΑ ΥΟΡΚΗ, 23. (Ρώυτερ).— Ὁ Ἕλλην ἐφοπλιστὴς κ. Ἀριστοτέλης Ὠνάσης παρήγγειλε τὴν ναυπήγησιν πετρελαιοφόρων 65 χιλιάδων τόννων.

ΑΙ ΑΣΚΗΣΕΙΣ ΔΙΑ ΤΗΝ ΑΜΥΝΑΝ ΤΟΥ ΠΑΝΑΜΑ

ΑΥΓΟΥΣΤΑ, Γεωργίας, 23. (Ἀσσ. Πρές).— Ὁ πρόεδρος κ. Αἰζενχάουερ ἐδήλωσεν ὅτι ἡ μείωσις καὶ ὁ ἔλεγχος τῶν ἐξοπλισμῶν εἶναι δυνατοί, σκόπιμοι καὶ ἀπαραίτητοι διὰ τὴν εἰρήνην τοῦ κόσμου.

Ο κ. ΜΠΟΥΛΓΚΑΝΙΝ ΓΡΑΦΕΙ ΕΙΣ ΤΟΝ κ. ΜΑΚ ΜΙΛΛΑΝ ΟΤΙ ΕΙΝΑΙ ΔΥΝΑΤΗ ΕΑΝ ΕΠΙΔΕΙΧΘΗ ΚΑΛΗ ΘΕΛΗΣΙΣ Η ΣΥΜΦΩΝΙΑ ΕΠΙ ΤΩΝ ΕΚΚΡΕΜΩΝ ΖΗΤΗΜΑΤΩΝ
ΣΥΝΕΧΕΙΑ

ΜΟΣΧΑ, 23. (Ἀσσ. Πρές).— Ὁ πρωθυπουργὸς τῆς Σοβιετικῆς Ἑνώσεως κ. Μπουλγκάνιν ἀπέστειλεν ἐπιστολὴν πρὸς τὸν Βρεταννὸν πρωθυπουργὸν κ. Μακ Μίλλαν, εἰς τὴν ὁποίαν τονίζει ὅτι εἶναι δυνατὴ ἡ συμφωνία.

ΔΥΝΑΤΗ Η ΣΥΜΦΩΝΙΑ

ΜΟΣΧΑ, 23. (Ἀσσ. Πρές).— Ὁ πρωθυπουργὸς τῆς Σοβιετικῆς Ἑνώσεως κ. Μπουλγκάνιν ἀπέστειλεν ἐπιστολὴν πρὸς τὸν Βρεταννὸν πρωθυπουργὸν κ. Μακ Μίλλαν, εἰς τὴν ὁποίαν τονίζει ὅτι εἶναι δυνατὴ ἡ συμφωνία.

ΜΟΣΧΑ, 23. (Ἀσσ. Πρές).— Ὁ πρωθυπουργὸς τῆς Σοβιετικῆς Ἑνώσεως κ. Μπουλγκάνιν ἀπέστειλεν ἐπιστολὴν πρὸς τὸν Βρεταννὸν πρωθυπουργὸν κ. Μακ Μίλλαν, εἰς τὴν ὁποίαν τονίζει ὅτι εἶναι δυνατὴ ἡ συμφωνία.

ΜΟΣΧΑ, 23. (Ἀσσ. Πρές).— Ὁ πρωθυπουργὸς τῆς Σοβιετικῆς Ἑνώσεως κ. Μπουλγκάνιν ἀπέστειλεν ἐπιστολὴν πρὸς τὸν Βρεταννὸν πρωθυπουργὸν κ. Μακ Μίλλαν, εἰς τὴν ὁποίαν τονίζει ὅτι εἶναι δυνατὴ ἡ συμφωνία.

ΜΟΣΧΑ, 23. (Ἀσσ. Πρές).— Ὁ πρωθυπουργὸς τῆς Σοβιετικῆς Ἑνώσεως κ. Μπουλγκάνιν ἀπέστειλεν ἐπιστολὴν πρὸς τὸν Βρεταννὸν πρωθυπουργὸν κ. Μακ Μίλλαν, εἰς τὴν ὁποίαν τονίζει ὅτι εἶναι δυνατὴ ἡ συμφωνία.

Η ΔΙΕΥΘΕΤΗΣΙΣ ΤΩΝ ΔΙΑΦΟΡΩΝ

ΜΟΣΧΑ, 23. (Ἀσσ. Πρές).— Ὁ πρωθυπουργὸς τῆς Σοβιετικῆς Ἑνώσεως κ. Μπουλγκάνιν ἀπέστειλεν ἐπιστολὴν πρὸς τὸν Βρεταννὸν πρωθυπουργὸν κ. Μακ Μίλλαν, εἰς τὴν ὁποίαν τονίζει ὅτι εἶναι δυνατὴ ἡ συμφωνία.
